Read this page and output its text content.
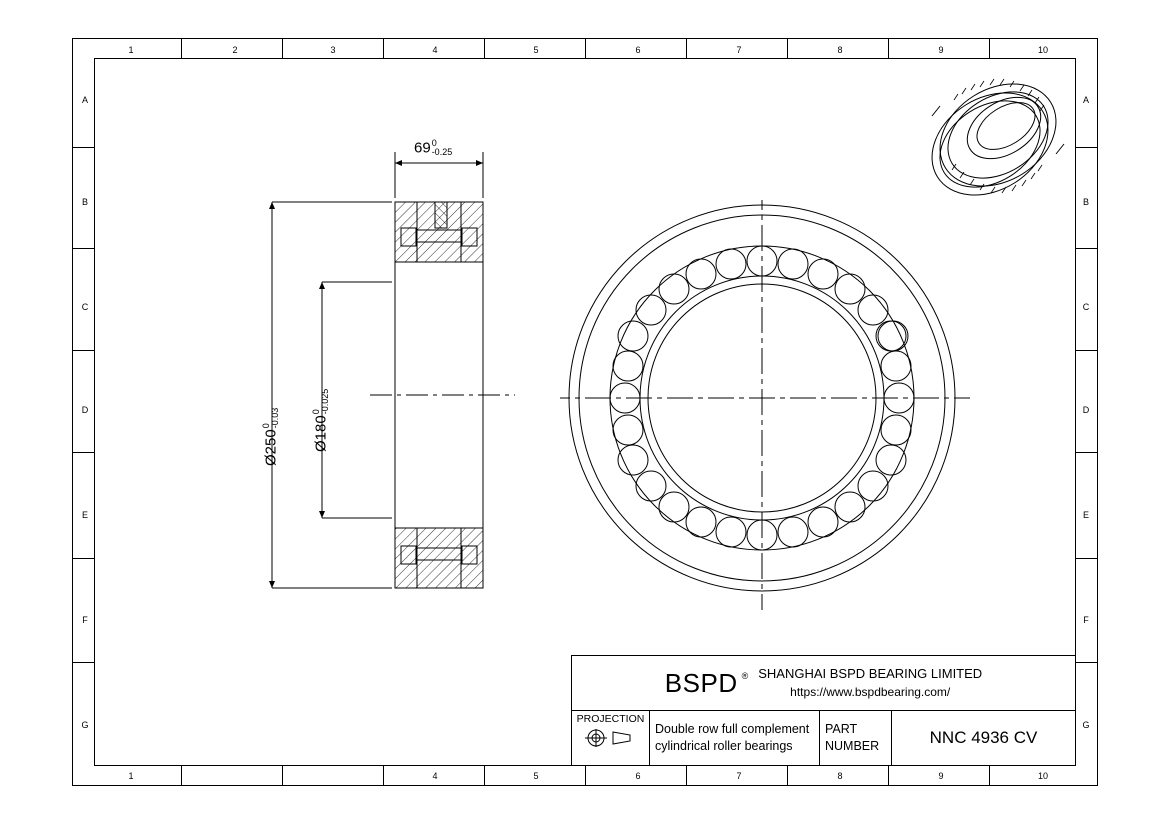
1	2	3	4	5	6	7	8	9	10
1	4	5	6	7	8	9	10
A
B
C
D
E
F
G
A
B
C
D
E
F
G
69 0
-0.25
Ø250
0 -0.03 Ø180
0 -0.025
BSPD ® SHANGHAI BSPD BEARING LIMITED
https://www.bspdbearing.com/
PROJECTION
Double row full complement
cylindrical roller bearings
PART
NUMBER	NNC 4936 CV
